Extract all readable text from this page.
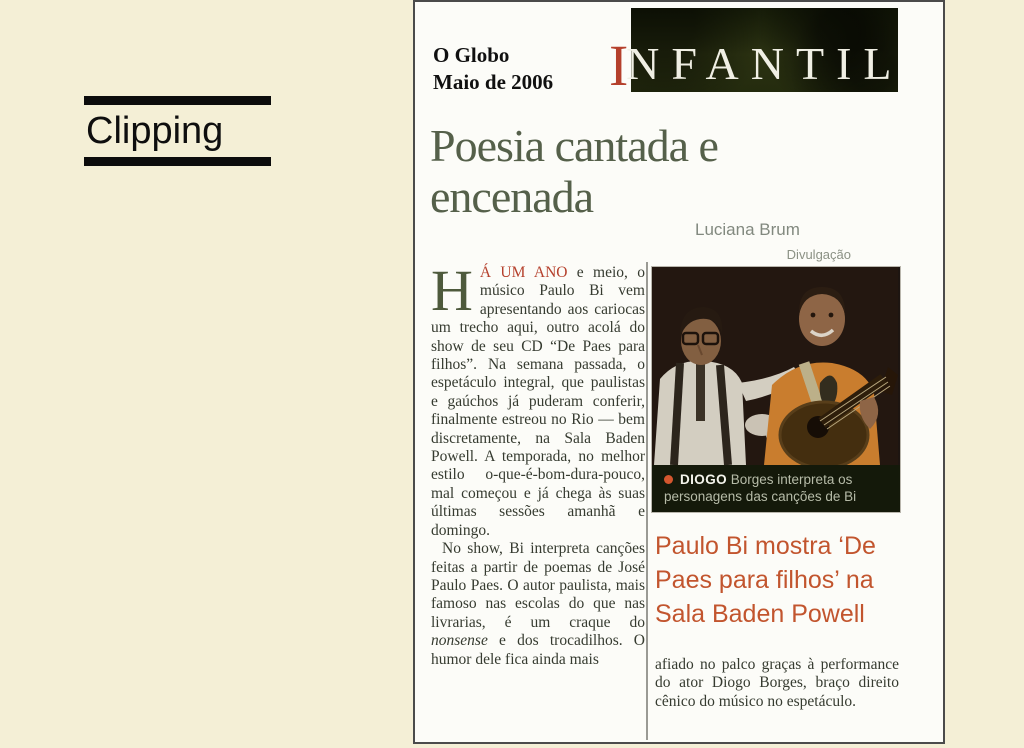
Clipping
O Globo
Maio de 2006 I
NFANTIL
Poesia cantada e
encenada
Luciana Brum

H Á UM ANO e meio, o músico Paulo Bi vem apresentando aos cariocas um trecho aqui, outro acolá do show de seu CD “De Paes para filhos”. Na semana passada, o espetáculo integral, que paulistas e gaúchos já puderam conferir, finalmente estreou no Rio — bem discretamente, na Sala Baden Powell. A temporada, no melhor estilo o-que-é-bom-dura-pouco, mal começou e já chega às suas últimas sessões amanhã e domingo.

No show, Bi interpreta canções feitas a partir de poemas de José Paulo Paes. O autor paulista, mais famoso nas escolas do que nas livrarias, é um craque do nonsense e dos trocadilhos. O humor dele fica ainda mais

Divulgação
DIOGO Borges interpreta os personagens das canções de Bi
Paulo Bi mostra ‘De
Paes para filhos’ na
Sala Baden Powell

afiado no palco graças à performance do ator Diogo Borges, braço direito cênico do músico no espetáculo.
